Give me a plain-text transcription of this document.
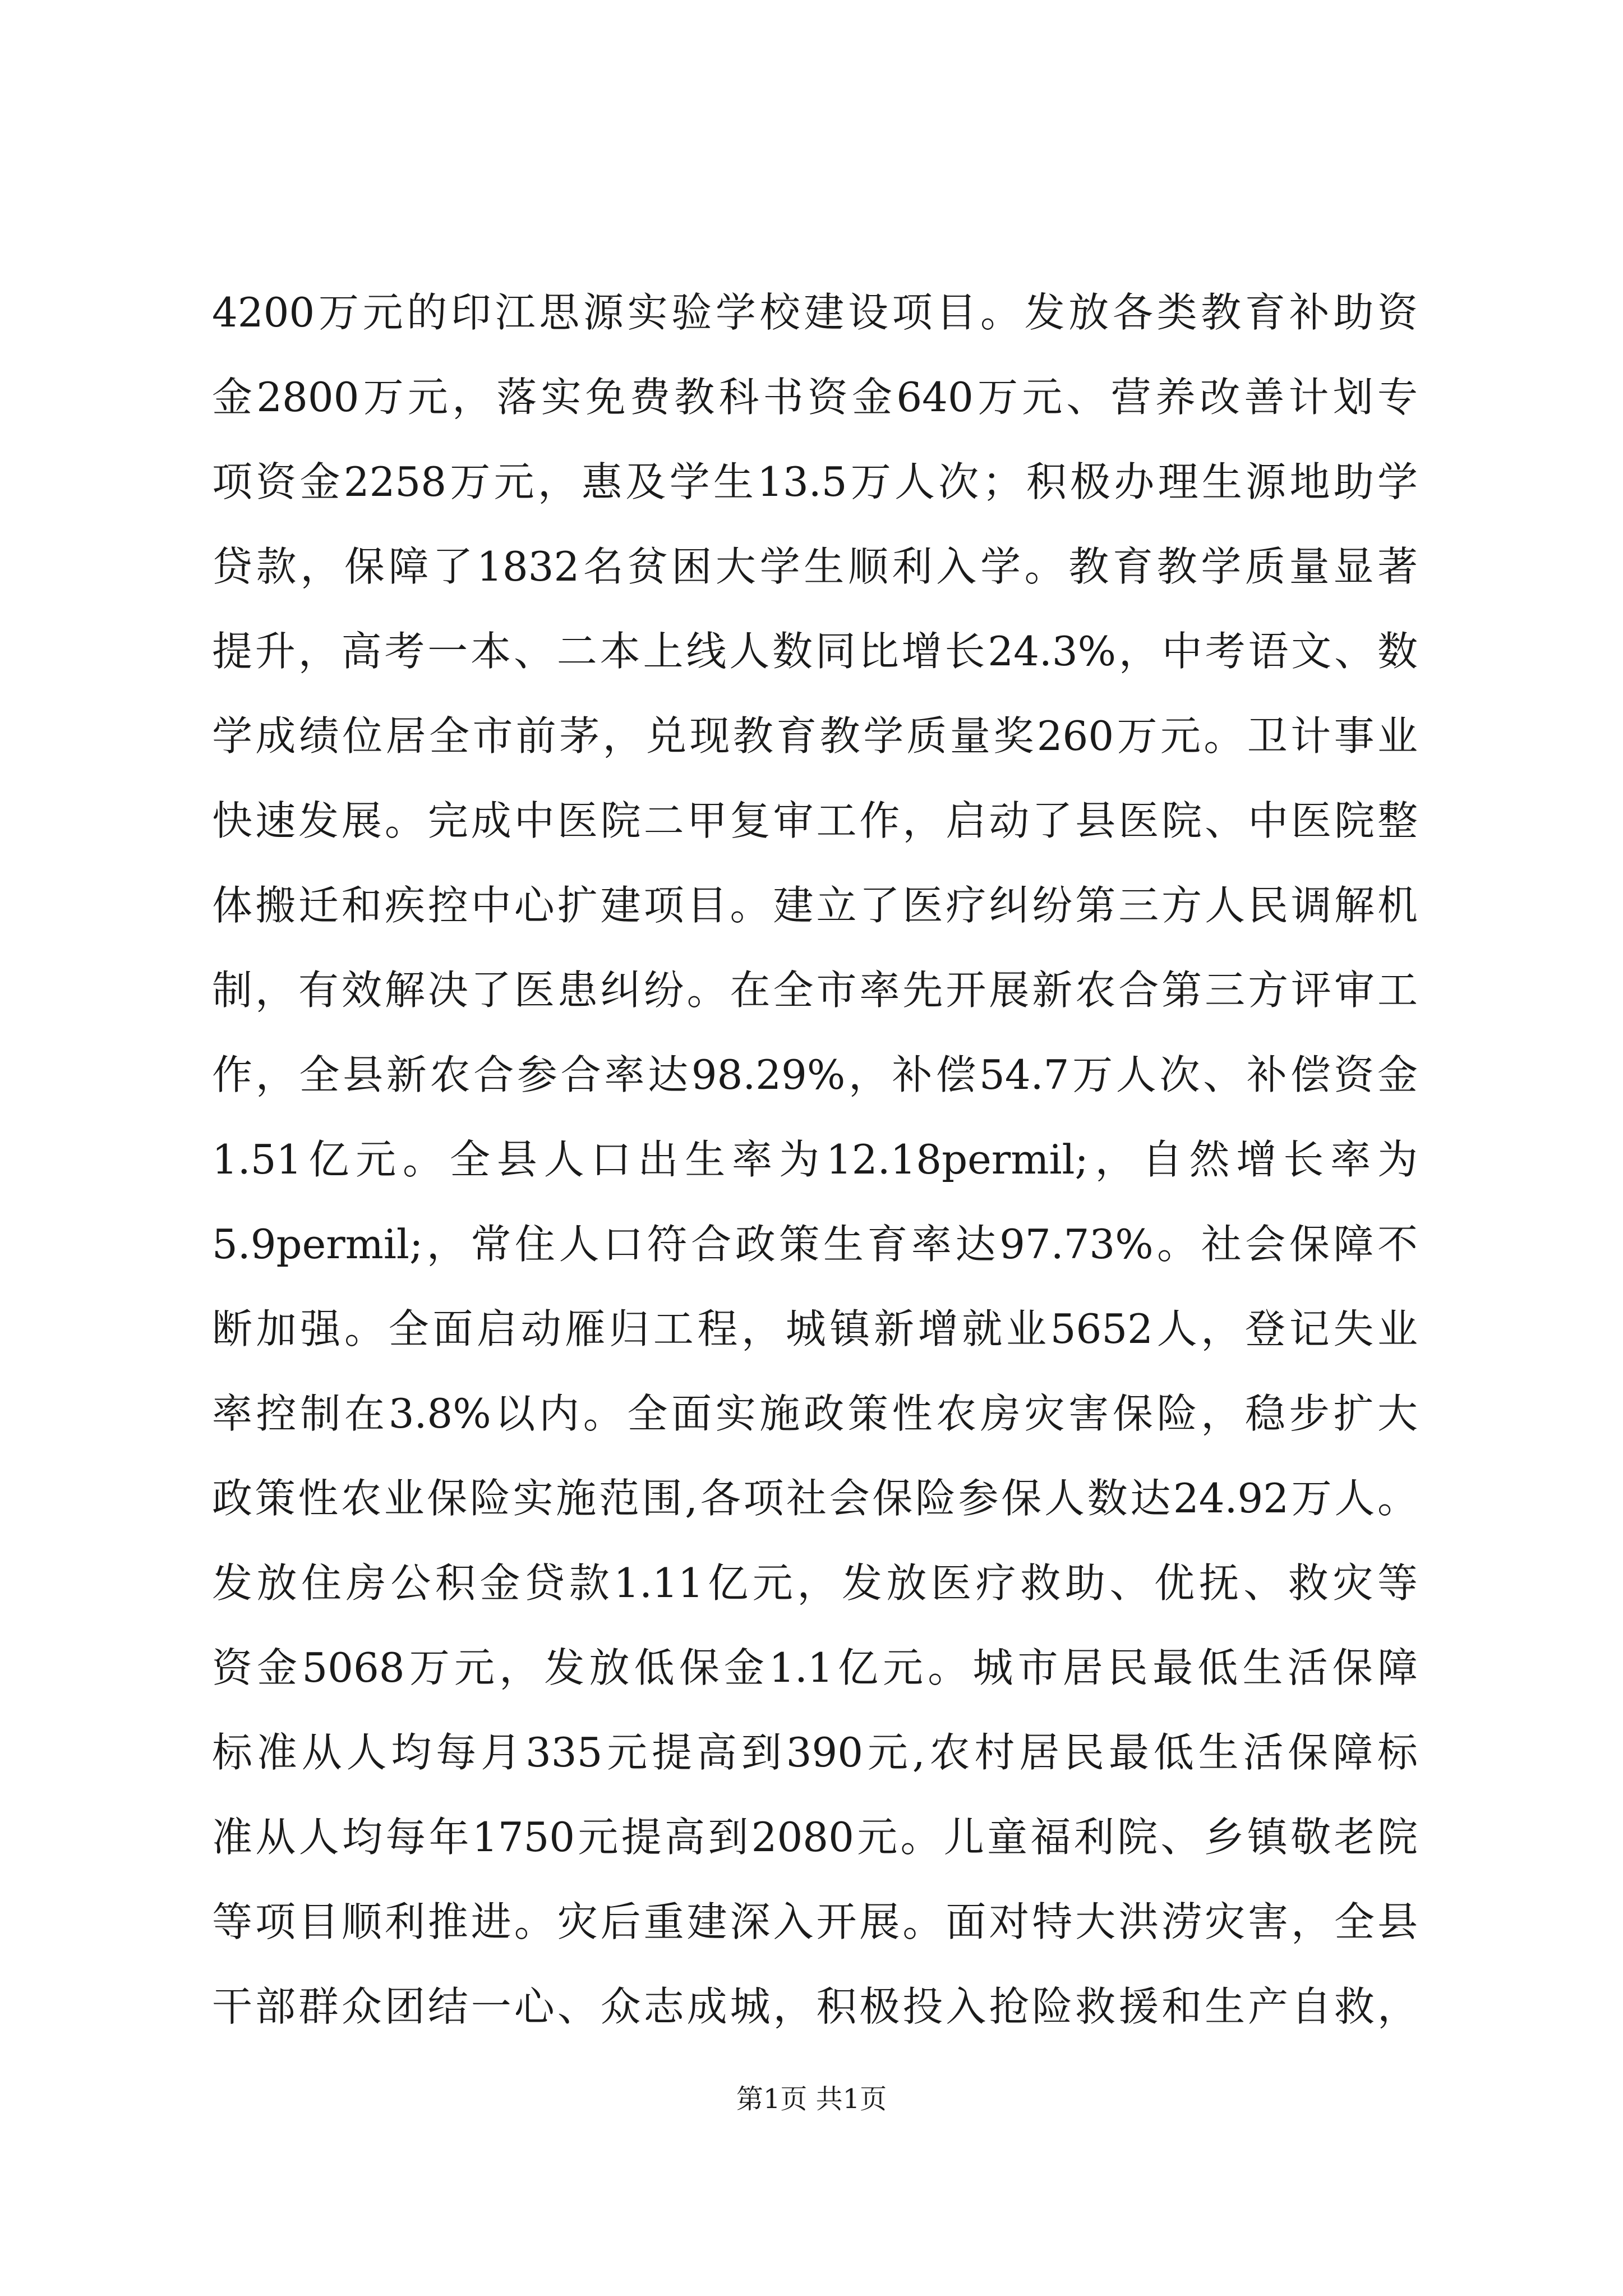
4200万元的印江思源实验学校建设项目。发放各类教育补助资
金2800万元，落实免费教科书资金640万元、营养改善计划专
项资金2258万元，惠及学生13.5万人次；积极办理生源地助学
贷款，保障了1832名贫困大学生顺利入学。教育教学质量显著
提升，高考一本、二本上线人数同比增长24.3%，中考语文、数
学成绩位居全市前茅，兑现教育教学质量奖260万元。卫计事业
快速发展。完成中医院二甲复审工作，启动了县医院、中医院整
体搬迁和疾控中心扩建项目。建立了医疗纠纷第三方人民调解机
制，有效解决了医患纠纷。在全市率先开展新农合第三方评审工
作，全县新农合参合率达98.29%，补偿54.7万人次、补偿资金
1.51亿元。全县人口出生率为12.18permil;，自然增长率为
5.9permil;，常住人口符合政策生育率达97.73%。社会保障不
断加强。全面启动雁归工程，城镇新增就业5652人，登记失业
率控制在3.8%以内。全面实施政策性农房灾害保险，稳步扩大
政策性农业保险实施范围,各项社会保险参保人数达24.92万人。
发放住房公积金贷款1.11亿元，发放医疗救助、优抚、救灾等
资金5068万元，发放低保金1.1亿元。城市居民最低生活保障
标准从人均每月335元提高到390元,农村居民最低生活保障标
准从人均每年1750元提高到2080元。儿童福利院、乡镇敬老院
等项目顺利推进。灾后重建深入开展。面对特大洪涝灾害，全县
干部群众团结一心、众志成城，积极投入抢险救援和生产自救，
第1页 共1页
